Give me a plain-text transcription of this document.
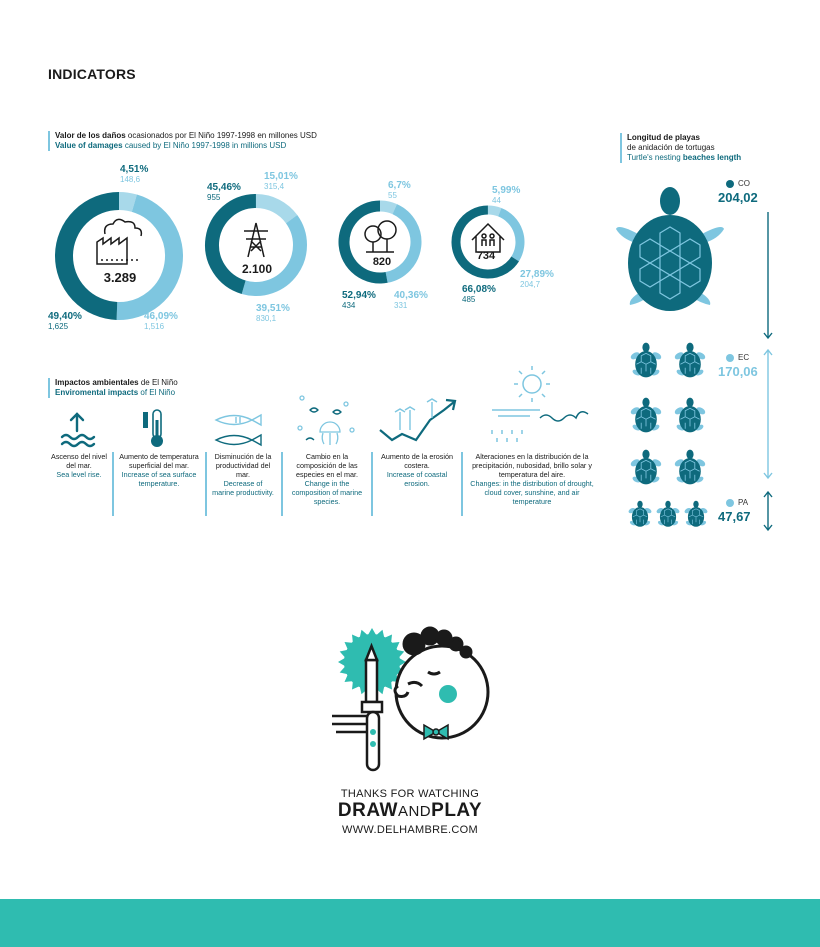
INDICATORS
Valor de los daños ocasionados por El Niño 1997-1998 en millones USD
Value of damages caused by El Niño 1997-1998 in millions USD
4,51%
148,6
49,40%
1,625
46,09%
1,516
3.289
15,01%
315,4
45,46%
955
39,51%
830,1
2.100
6,7%
55
52,94%
434
40,36%
331
820
5,99%
44
66,08%
485
27,89%
204,7
734
Impactos ambientales de El Niño
Enviromental impacts of El Niño
Ascenso del nivel del mar.
Sea level rise.
Aumento de temperatura superficial del mar.
Increase of sea surface temperature.
Disminución de la productividad del mar.
Decrease of marine productivity.
Cambio en la composición de las especies en el mar.
Change in the composition of marine species.
Aumento de la erosión costera.
Increase of coastal erosion.
Alteraciones en la distribución de la precipitación, nubosidad, brillo solar y temperatura del aire.
Changes: in the distribution of drought, cloud cover, sunshine, and air temperature
Longitud de playas
de anidación de tortugas
Turtle's nesting beaches length
CO
204,02
EC
170,06
PA
47,67
THANKS FOR WATCHING
DRAWANDPLAY
WWW.DELHAMBRE.COM
